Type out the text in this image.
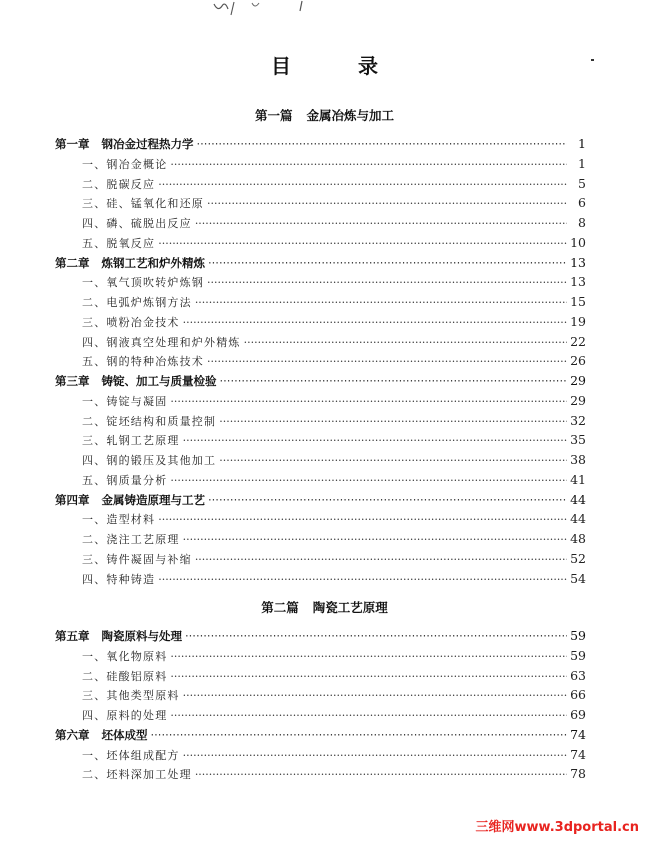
目 录
第一篇 金属冶炼与加工
第二篇 陶瓷工艺原理
第一章 钢冶金过程热力学 ·····	1
一、钢冶金概论 ·····	1
二、脱碳反应 ·····	5
三、硅、锰氧化和还原 ·····	6
四、磷、硫脱出反应 ·····	8
五、脱氧反应 ·····	10
第二章 炼钢工艺和炉外精炼 ·····	13
一、氧气顶吹转炉炼钢 ·····	13
二、电弧炉炼钢方法 ·····	15
三、喷粉冶金技术 ·····	19
四、钢液真空处理和炉外精炼 ·····	22
五、钢的特种冶炼技术 ·····	26
第三章 铸锭、加工与质量检验 ·····	29
一、铸锭与凝固 ·····	29
二、锭坯结构和质量控制 ·····	32
三、轧钢工艺原理 ·····	35
四、钢的锻压及其他加工 ·····	38
五、钢质量分析 ·····	41
第四章 金属铸造原理与工艺 ·····	44
一、造型材料 ·····	44
二、浇注工艺原理 ·····	48
三、铸件凝固与补缩 ·····	52
四、特种铸造 ·····	54
第五章 陶瓷原料与处理 ·····	59
一、氧化物原料 ·····	59
二、硅酸铝原料 ·····	63
三、其他类型原料 ·····	66
四、原料的处理 ·····	69
第六章 坯体成型 ·····	74
一、坯体组成配方 ·····	74
二、坯料深加工处理 ·····	78
三维网www.3dportal.cn
